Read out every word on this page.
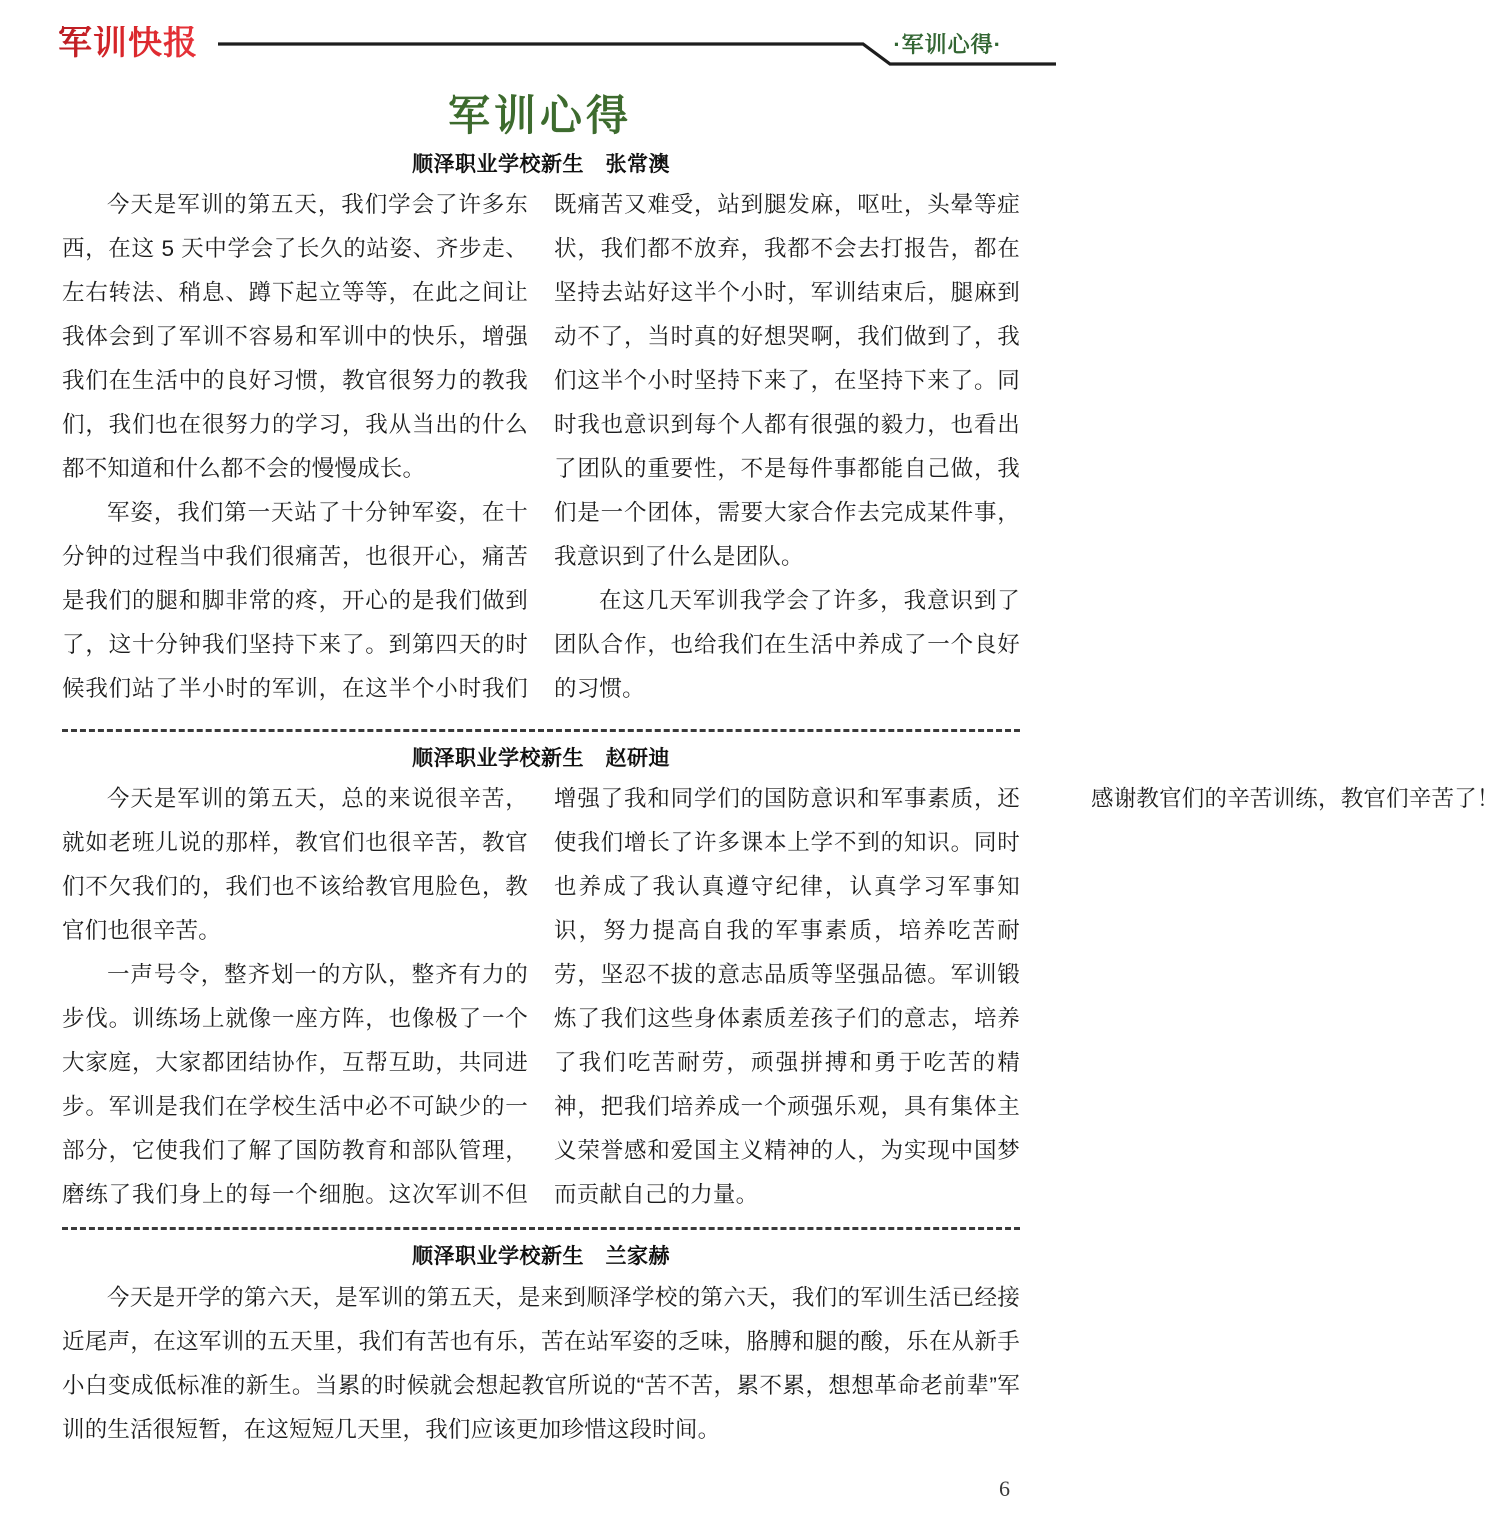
军训快报	·军训心得·
军训心得
顺泽职业学校新生　张常澳

今天是军训的第五天，我们学会了许多东西，在这 5 天中学会了长久的站姿、齐步走、左右转法、稍息、蹲下起立等等，在此之间让我体会到了军训不容易和军训中的快乐，增强我们在生活中的良好习惯，教官很努力的教我们，我们也在很努力的学习，我从当出的什么都不知道和什么都不会的慢慢成长。

军姿，我们第一天站了十分钟军姿，在十分钟的过程当中我们很痛苦，也很开心，痛苦是我们的腿和脚非常的疼，开心的是我们做到了，这十分钟我们坚持下来了。到第四天的时候我们站了半小时的军训，在这半个小时我们既痛苦又难受，站到腿发麻，呕吐，头晕等症状，我们都不放弃，我都不会去打报告，都在坚持去站好这半个小时，军训结束后，腿麻到动不了，当时真的好想哭啊，我们做到了，我们这半个小时坚持下来了，在坚持下来了。同时我也意识到每个人都有很强的毅力，也看出了团队的重要性，不是每件事都能自己做，我们是一个团体，需要大家合作去完成某件事，我意识到了什么是团队。

在这几天军训我学会了许多，我意识到了团队合作，也给我们在生活中养成了一个良好的习惯。

顺泽职业学校新生　赵研迪

今天是军训的第五天，总的来说很辛苦，就如老班儿说的那样，教官们也很辛苦，教官们不欠我们的，我们也不该给教官甩脸色，教官们也很辛苦。

一声号令，整齐划一的方队，整齐有力的步伐。训练场上就像一座方阵，也像极了一个大家庭，大家都团结协作，互帮互助，共同进步。军训是我们在学校生活中必不可缺少的一部分，它使我们了解了国防教育和部队管理，磨练了我们身上的每一个细胞。这次军训不但增强了我和同学们的国防意识和军事素质，还使我们增长了许多课本上学不到的知识。同时也养成了我认真遵守纪律，认真学习军事知识，努力提高自我的军事素质，培养吃苦耐劳，坚忍不拔的意志品质等坚强品德。军训锻炼了我们这些身体素质差孩子们的意志，培养了我们吃苦耐劳，顽强拼搏和勇于吃苦的精神，把我们培养成一个顽强乐观，具有集体主义荣誉感和爱国主义精神的人，为实现中国梦而贡献自己的力量。

感谢教官们的辛苦训练，教官们辛苦了！

顺泽职业学校新生　兰家赫

今天是开学的第六天，是军训的第五天，是来到顺泽学校的第六天，我们的军训生活已经接近尾声，在这军训的五天里，我们有苦也有乐，苦在站军姿的乏味，胳膊和腿的酸，乐在从新手小白变成低标准的新生。当累的时候就会想起教官所说的“苦不苦，累不累，想想革命老前辈”军训的生活很短暂，在这短短几天里，我们应该更加珍惜这段时间。

6
